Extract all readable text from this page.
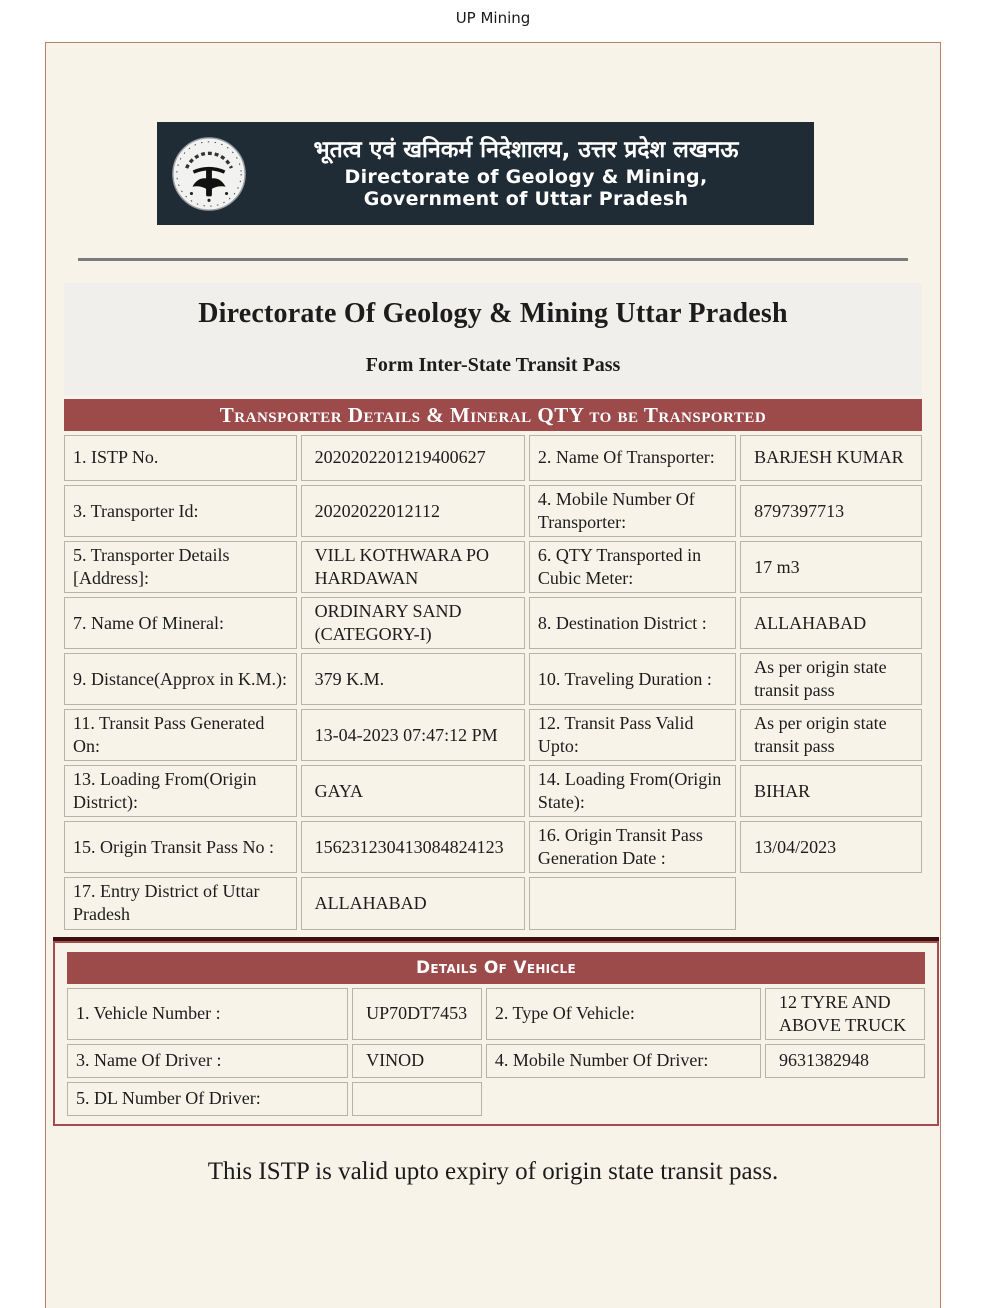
UP Mining
भूतत्व एवं खनिकर्म निदेशालय, उत्तर प्रदेश लखनऊ
Directorate of Geology & Mining,
Government of Uttar Pradesh
Directorate Of Geology & Mining Uttar Pradesh
Form Inter-State Transit Pass
Transporter Details & Mineral QTY to be Transported
1. ISTP No.	2020202201219400627	2. Name Of Transporter:	BARJESH KUMAR
3. Transporter Id:	20202022012112	4. Mobile Number Of Transporter:	8797397713
5. Transporter Details [Address]:	VILL KOTHWARA PO HARDAWAN	6. QTY Transported in Cubic Meter:	17 m3
7. Name Of Mineral:	ORDINARY SAND (CATEGORY-I)	8. Destination District :	ALLAHABAD
9. Distance(Approx in K.M.):	379 K.M.	10. Traveling Duration :	As per origin state transit pass
11. Transit Pass Generated On:	13-04-2023 07:47:12 PM	12. Transit Pass Valid Upto:	As per origin state transit pass
13. Loading From(Origin District):	GAYA	14. Loading From(Origin State):	BIHAR
15. Origin Transit Pass No :	156231230413084824123	16. Origin Transit Pass Generation Date :	13/04/2023
17. Entry District of Uttar Pradesh	ALLAHABAD		
Details Of Vehicle
1. Vehicle Number :	UP70DT7453	2. Type Of Vehicle:	12 TYRE AND ABOVE TRUCK
3. Name Of Driver :	VINOD	4. Mobile Number Of Driver:	9631382948
5. DL Number Of Driver:			
This ISTP is valid upto expiry of origin state transit pass.
